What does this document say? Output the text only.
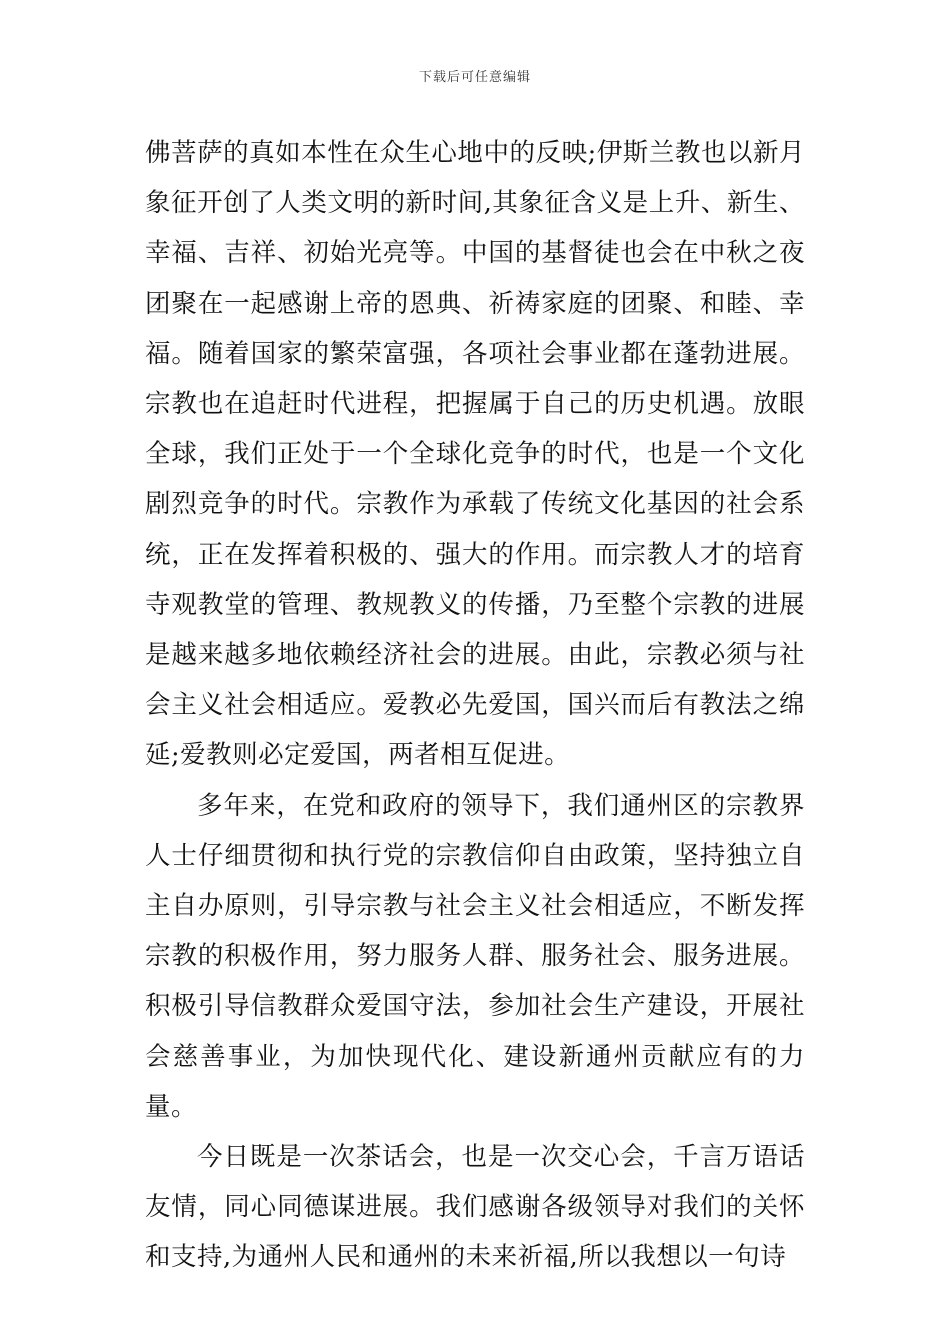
下载后可任意编辑

佛菩萨的真如本性在众生心地中的反映;伊斯兰教也以新月象征开创了人类文明的新时间,其象征含义是上升、新生、幸福、吉祥、初始光亮等。中国的基督徒也会在中秋之夜团聚在一起感谢上帝的恩典、祈祷家庭的团聚、和睦、幸福。随着国家的繁荣富强，各项社会事业都在蓬勃进展。宗教也在追赶时代进程，把握属于自己的历史机遇。放眼全球，我们正处于一个全球化竞争的时代，也是一个文化剧烈竞争的时代。宗教作为承载了传统文化基因的社会系统，正在发挥着积极的、强大的作用。而宗教人才的培育寺观教堂的管理、教规教义的传播，乃至整个宗教的进展是越来越多地依赖经济社会的进展。由此，宗教必须与社会主义社会相适应。爱教必先爱国，国兴而后有教法之绵延;爱教则必定爱国，两者相互促进。

多年来，在党和政府的领导下，我们通州区的宗教界人士仔细贯彻和执行党的宗教信仰自由政策，坚持独立自主自办原则，引导宗教与社会主义社会相适应，不断发挥宗教的积极作用，努力服务人群、服务社会、服务进展。积极引导信教群众爱国守法，参加社会生产建设，开展社会慈善事业，为加快现代化、建设新通州贡献应有的力量。

今日既是一次茶话会，也是一次交心会，千言万语话友情，同心同德谋进展。我们感谢各级领导对我们的关怀和支持,为通州人民和通州的未来祈福,所以我想以一句诗
